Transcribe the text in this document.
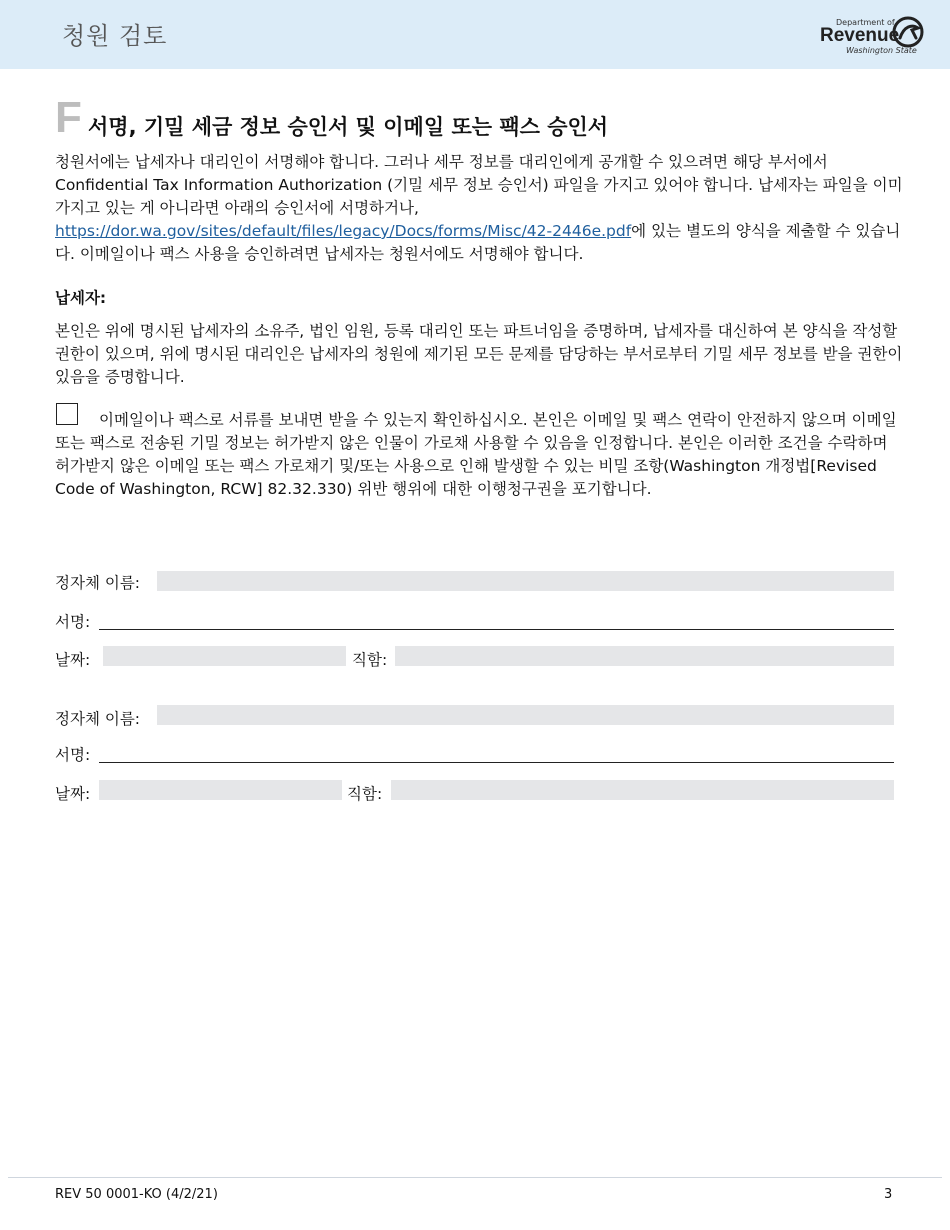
청원 검토	Department of
Revenue
Washington State
F 서명, 기밀 세금 정보 승인서 및 이메일 또는 팩스 승인서
청원서에는 납세자나 대리인이 서명해야 합니다. 그러나 세무 정보를 대리인에게 공개할 수 있으려면 해당 부서에서 Confidential Tax Information Authorization (기밀 세무 정보 승인서) 파일을 가지고 있어야 합니다. 납세자는 파일을 이미 가지고 있는 게 아니라면 아래의 승인서에 서명하거나, https://dor.wa.gov/sites/default/files/legacy/Docs/forms/Misc/42-2446e.pdf에 있는 별도의 양식을 제출할 수 있습니다. 이메일이나 팩스 사용을 승인하려면 납세자는 청원서에도 서명해야 합니다.
납세자:
본인은 위에 명시된 납세자의 소유주, 법인 임원, 등록 대리인 또는 파트너임을 증명하며, 납세자를 대신하여 본 양식을 작성할 권한이 있으며, 위에 명시된 대리인은 납세자의 청원에 제기된 모든 문제를 담당하는 부서로부터 기밀 세무 정보를 받을 권한이 있음을 증명합니다.
이메일이나 팩스로 서류를 보내면 받을 수 있는지 확인하십시오. 본인은 이메일 및 팩스 연락이 안전하지 않으며 이메일 또는 팩스로 전송된 기밀 정보는 허가받지 않은 인물이 가로채 사용할 수 있음을 인정합니다. 본인은 이러한 조건을 수락하며 허가받지 않은 이메일 또는 팩스 가로채기 및/또는 사용으로 인해 발생할 수 있는 비밀 조항(Washington 개정법[Revised Code of Washington, RCW] 82.32.330) 위반 행위에 대한 이행청구권을 포기합니다.
정자체 이름:
서명:
날짜:	직함:
정자체 이름:
서명:
날짜:	직함:
REV 50 0001-KO (4/2/21)	3
